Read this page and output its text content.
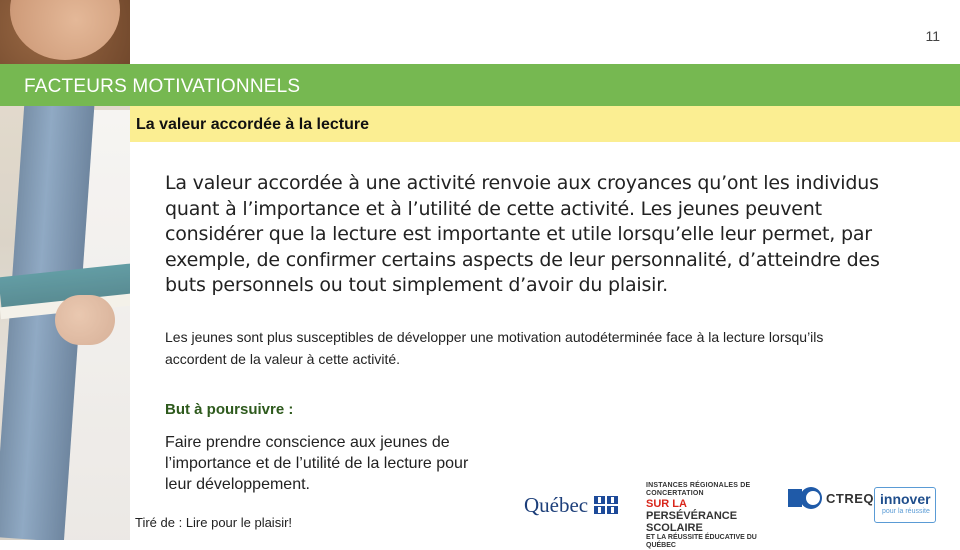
11
FACTEURS MOTIVATIONNELS
La valeur accordée à la lecture

La valeur accordée à une activité renvoie aux croyances qu’ont les individus quant à l’importance et à l’utilité de cette activité. Les jeunes peuvent considérer que la lecture est importante et utile lorsqu’elle leur permet, par exemple, de confirmer certains aspects de leur personnalité, d’atteindre des buts personnels ou tout simplement d’avoir du plaisir.

Les jeunes sont plus susceptibles de développer une motivation autodéterminée face à la lecture lorsqu’ils accordent de la valeur à cette activité.

But à poursuivre :

Faire prendre conscience aux jeunes de l’importance et de l’utilité de la lecture pour leur développement.

Tiré de : Lire pour le plaisir!
Québec
INSTANCES RÉGIONALES DE CONCERTATION
SUR LA PERSÉVÉRANCE SCOLAIRE
ET LA RÉUSSITE ÉDUCATIVE DU QUÉBEC
CTREQ innover
pour la réussite
